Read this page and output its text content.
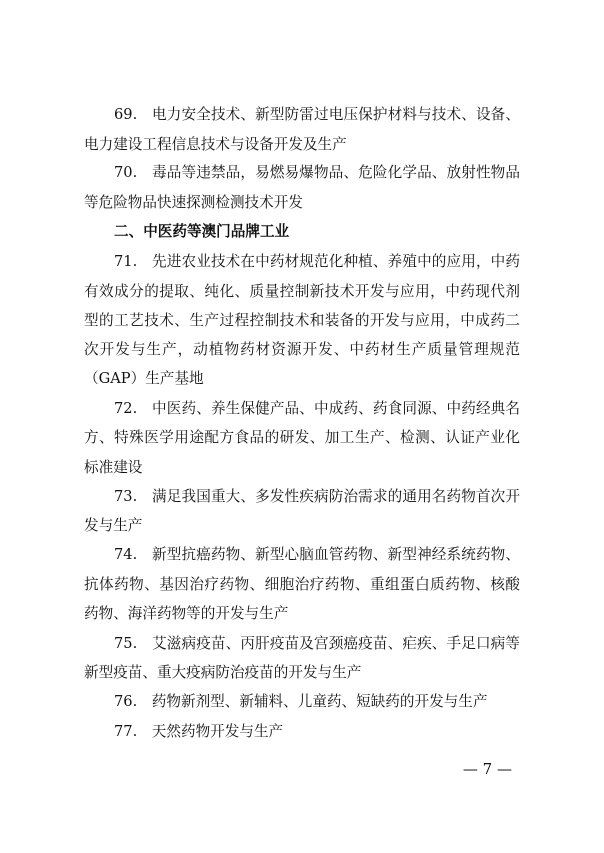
69.　电力安全技术、新型防雷过电压保护材料与技术、设备、
电力建设工程信息技术与设备开发及生产
70.　毒品等违禁品，易燃易爆物品、危险化学品、放射性物品
等危险物品快速探测检测技术开发
二、中医药等澳门品牌工业
71.　先进农业技术在中药材规范化种植、养殖中的应用，中药
有效成分的提取、纯化、质量控制新技术开发与应用，中药现代剂
型的工艺技术、生产过程控制技术和装备的开发与应用，中成药二
次开发与生产，动植物药材资源开发、中药材生产质量管理规范
（GAP）生产基地
72.　中医药、养生保健产品、中成药、药食同源、中药经典名
方、特殊医学用途配方食品的研发、加工生产、检测、认证产业化
标准建设
73.　满足我国重大、多发性疾病防治需求的通用名药物首次开
发与生产
74.　新型抗癌药物、新型心脑血管药物、新型神经系统药物、
抗体药物、基因治疗药物、细胞治疗药物、重组蛋白质药物、核酸
药物、海洋药物等的开发与生产
75.　艾滋病疫苗、丙肝疫苗及宫颈癌疫苗、疟疾、手足口病等
新型疫苗、重大疫病防治疫苗的开发与生产
76.　药物新剂型、新辅料、儿童药、短缺药的开发与生产
77.　天然药物开发与生产
— 7 —
